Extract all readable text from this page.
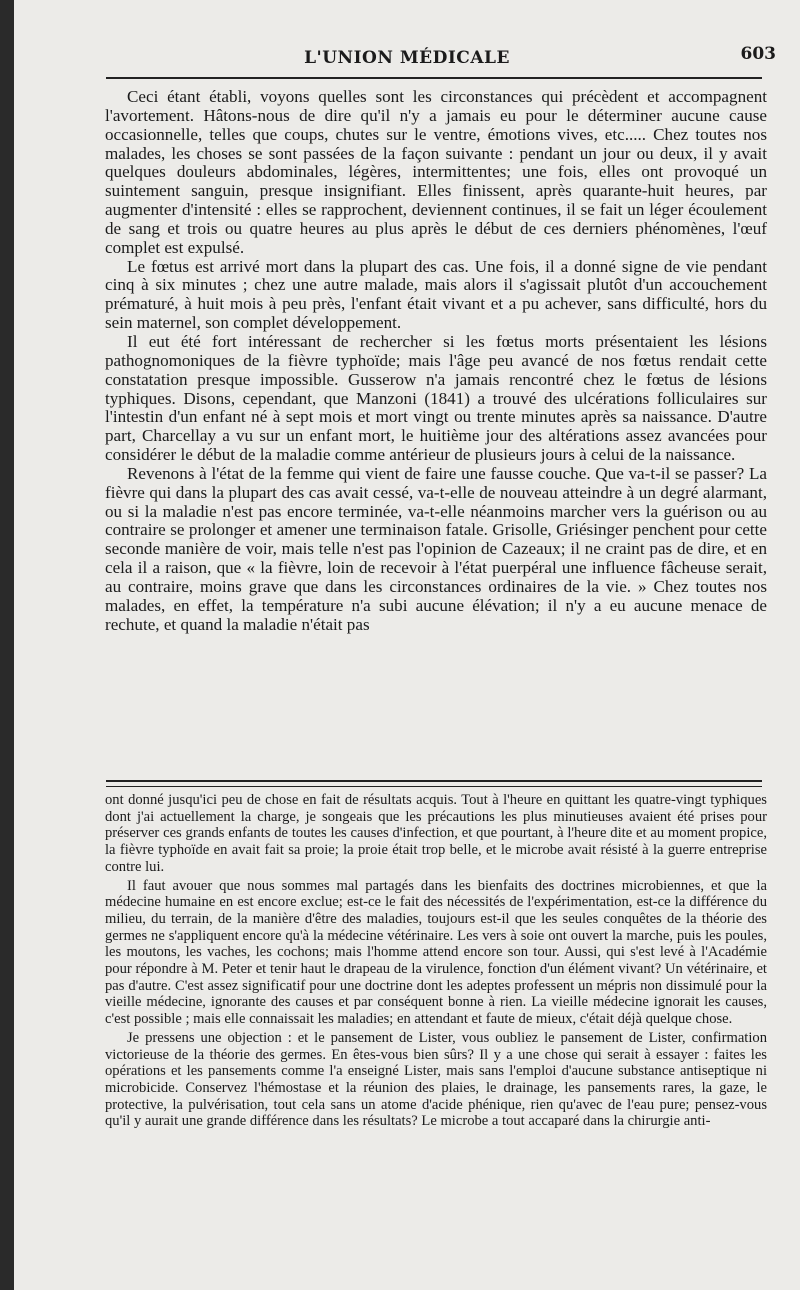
L'UNION MÉDICALE	603

Ceci étant établi, voyons quelles sont les circonstances qui précèdent et accompagnent l'avortement. Hâtons-nous de dire qu'il n'y a jamais eu pour le déterminer aucune cause occasionnelle, telles que coups, chutes sur le ventre, émotions vives, etc..... Chez toutes nos malades, les choses se sont passées de la façon suivante : pendant un jour ou deux, il y avait quelques douleurs abdominales, légères, intermittentes; une fois, elles ont provoqué un suintement sanguin, presque insignifiant. Elles finissent, après quarante-huit heures, par augmenter d'intensité : elles se rapprochent, deviennent continues, il se fait un léger écoulement de sang et trois ou quatre heures au plus après le début de ces derniers phénomènes, l'œuf complet est expulsé.

Le fœtus est arrivé mort dans la plupart des cas. Une fois, il a donné signe de vie pendant cinq à six minutes ; chez une autre malade, mais alors il s'agissait plutôt d'un accouchement prématuré, à huit mois à peu près, l'enfant était vivant et a pu achever, sans difficulté, hors du sein maternel, son complet développement.

Il eut été fort intéressant de rechercher si les fœtus morts présentaient les lésions pathognomoniques de la fièvre typhoïde; mais l'âge peu avancé de nos fœtus rendait cette constatation presque impossible. Gusserow n'a jamais rencontré chez le fœtus de lésions typhiques. Disons, cependant, que Manzoni (1841) a trouvé des ulcérations folliculaires sur l'intestin d'un enfant né à sept mois et mort vingt ou trente minutes après sa naissance. D'autre part, Charcellay a vu sur un enfant mort, le huitième jour des altérations assez avancées pour considérer le début de la maladie comme antérieur de plusieurs jours à celui de la naissance.

Revenons à l'état de la femme qui vient de faire une fausse couche. Que va-t-il se passer? La fièvre qui dans la plupart des cas avait cessé, va-t-elle de nouveau atteindre à un degré alarmant, ou si la maladie n'est pas encore terminée, va-t-elle néanmoins marcher vers la guérison ou au contraire se prolonger et amener une terminaison fatale. Grisolle, Griésinger penchent pour cette seconde manière de voir, mais telle n'est pas l'opinion de Cazeaux; il ne craint pas de dire, et en cela il a raison, que « la fièvre, loin de recevoir à l'état puerpéral une influence fâcheuse serait, au contraire, moins grave que dans les circonstances ordinaires de la vie. » Chez toutes nos malades, en effet, la température n'a subi aucune élévation; il n'y a eu aucune menace de rechute, et quand la maladie n'était pas

ont donné jusqu'ici peu de chose en fait de résultats acquis. Tout à l'heure en quittant les quatre-vingt typhiques dont j'ai actuellement la charge, je songeais que les précautions les plus minutieuses avaient été prises pour préserver ces grands enfants de toutes les causes d'infection, et que pourtant, à l'heure dite et au moment propice, la fièvre typhoïde en avait fait sa proie; la proie était trop belle, et le microbe avait résisté à la guerre entreprise contre lui.

Il faut avouer que nous sommes mal partagés dans les bienfaits des doctrines microbiennes, et que la médecine humaine en est encore exclue; est-ce le fait des nécessités de l'expérimentation, est-ce la différence du milieu, du terrain, de la manière d'être des maladies, toujours est-il que les seules conquêtes de la théorie des germes ne s'appliquent encore qu'à la médecine vétérinaire. Les vers à soie ont ouvert la marche, puis les poules, les moutons, les vaches, les cochons; mais l'homme attend encore son tour. Aussi, qui s'est levé à l'Académie pour répondre à M. Peter et tenir haut le drapeau de la virulence, fonction d'un élément vivant? Un vétérinaire, et pas d'autre. C'est assez significatif pour une doctrine dont les adeptes professent un mépris non dissimulé pour la vieille médecine, ignorante des causes et par conséquent bonne à rien. La vieille médecine ignorait les causes, c'est possible ; mais elle connaissait les maladies; en attendant et faute de mieux, c'était déjà quelque chose.

Je pressens une objection : et le pansement de Lister, vous oubliez le pansement de Lister, confirmation victorieuse de la théorie des germes. En êtes-vous bien sûrs? Il y a une chose qui serait à essayer : faites les opérations et les pansements comme l'a enseigné Lister, mais sans l'emploi d'aucune substance antiseptique ni microbicide. Conservez l'hémostase et la réunion des plaies, le drainage, les pansements rares, la gaze, le protective, la pulvérisation, tout cela sans un atome d'acide phénique, rien qu'avec de l'eau pure; pensez-vous qu'il y aurait une grande différence dans les résultats? Le microbe a tout accaparé dans la chirurgie anti-
